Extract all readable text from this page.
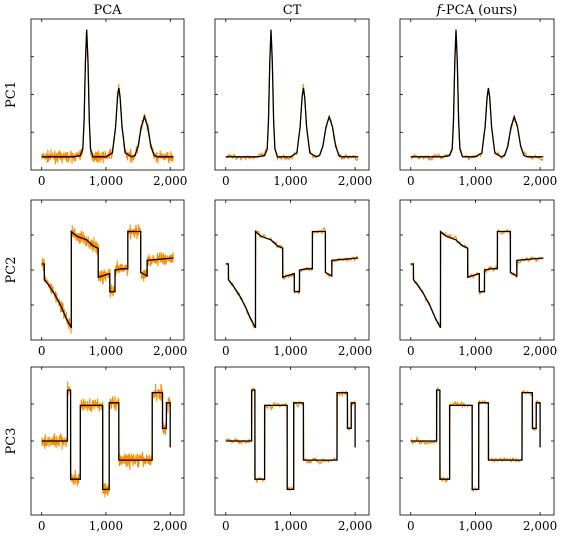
PCA	CT	𝑓-PCA (ours)
PC1
PC2
PC3
0	1,000 2,000	0	1,000	2,000	0	1,000	2,000
0	1,000 2,000	0	1,000	2,000	0	1,000	2,000
0	1,000 2,000	0	1,000	2,000	0	1,000	2,000
